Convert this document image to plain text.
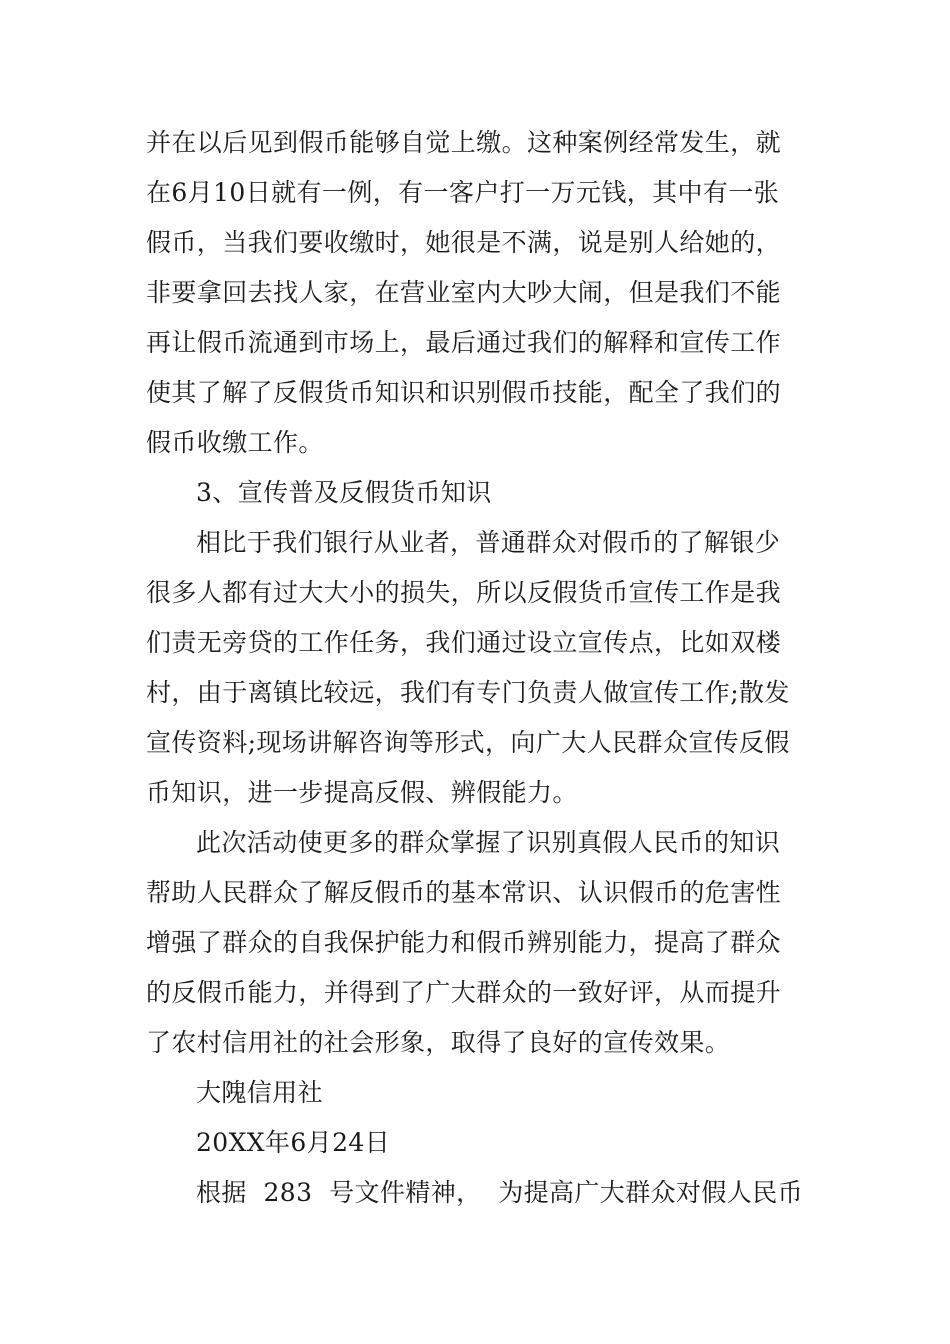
并在以后见到假币能够自觉上缴。这种案例经常发生，就
在6月10日就有一例，有一客户打一万元钱，其中有一张
假币，当我们要收缴时，她很是不满，说是别人给她的，
非要拿回去找人家，在营业室内大吵大闹，但是我们不能
再让假币流通到市场上，最后通过我们的解释和宣传工作
使其了解了反假货币知识和识别假币技能，配全了我们的
假币收缴工作。
3、宣传普及反假货币知识
相比于我们银行从业者，普通群众对假币的了解银少
很多人都有过大大小的损失，所以反假货币宣传工作是我
们责无旁贷的工作任务，我们通过设立宣传点，比如双楼
村，由于离镇比较远，我们有专门负责人做宣传工作;散发
宣传资料;现场讲解咨询等形式，向广大人民群众宣传反假
币知识，进一步提高反假、辨假能力。
此次活动使更多的群众掌握了识别真假人民币的知识
帮助人民群众了解反假币的基本常识、认识假币的危害性
增强了群众的自我保护能力和假币辨别能力，提高了群众
的反假币能力，并得到了广大群众的一致好评，从而提升
了农村信用社的社会形象，取得了良好的宣传效果。
大隗信用社
20XX年6月24日
根据  283  号文件精神，  为提高广大群众对假人民币
